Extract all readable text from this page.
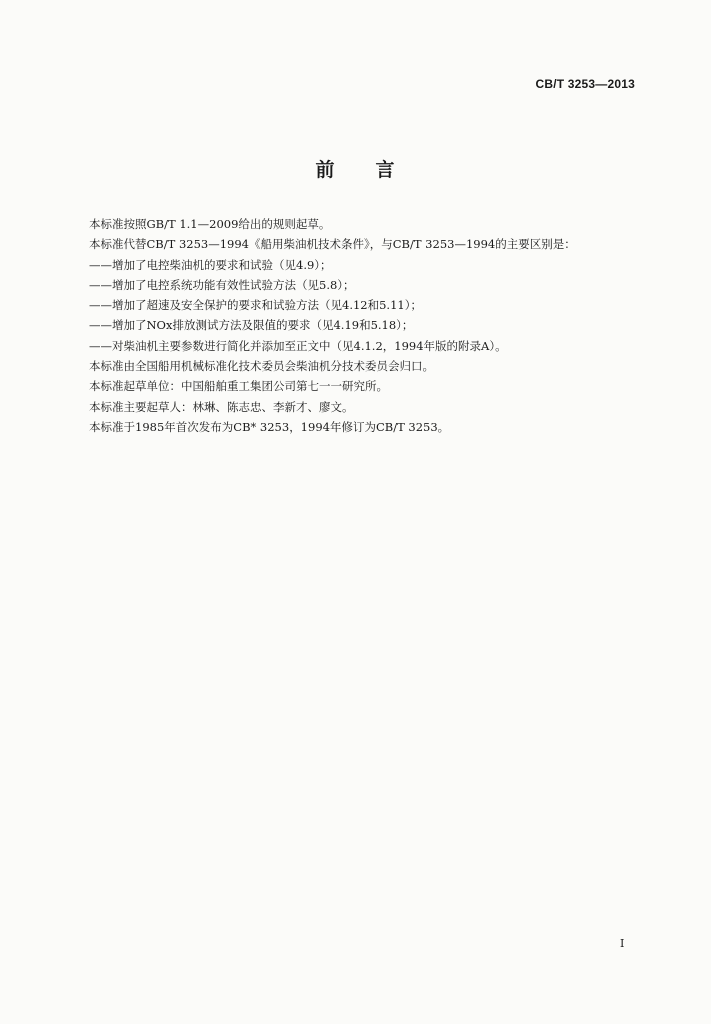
CB/T 3253—2013
前 言
本标准按照GB/T 1.1—2009给出的规则起草。
本标准代替CB/T 3253—1994《船用柴油机技术条件》，与CB/T 3253—1994的主要区别是：
——增加了电控柴油机的要求和试验（见4.9）；
——增加了电控系统功能有效性试验方法（见5.8）；
——增加了超速及安全保护的要求和试验方法（见4.12和5.11）；
——增加了NOx排放测试方法及限值的要求（见4.19和5.18）；
——对柴油机主要参数进行简化并添加至正文中（见4.1.2，1994年版的附录A）。
本标准由全国船用机械标准化技术委员会柴油机分技术委员会归口。
本标准起草单位：中国船舶重工集团公司第七一一研究所。
本标准主要起草人：林琳、陈志忠、李新才、廖文。
本标准于1985年首次发布为CB* 3253，1994年修订为CB/T 3253。
I
